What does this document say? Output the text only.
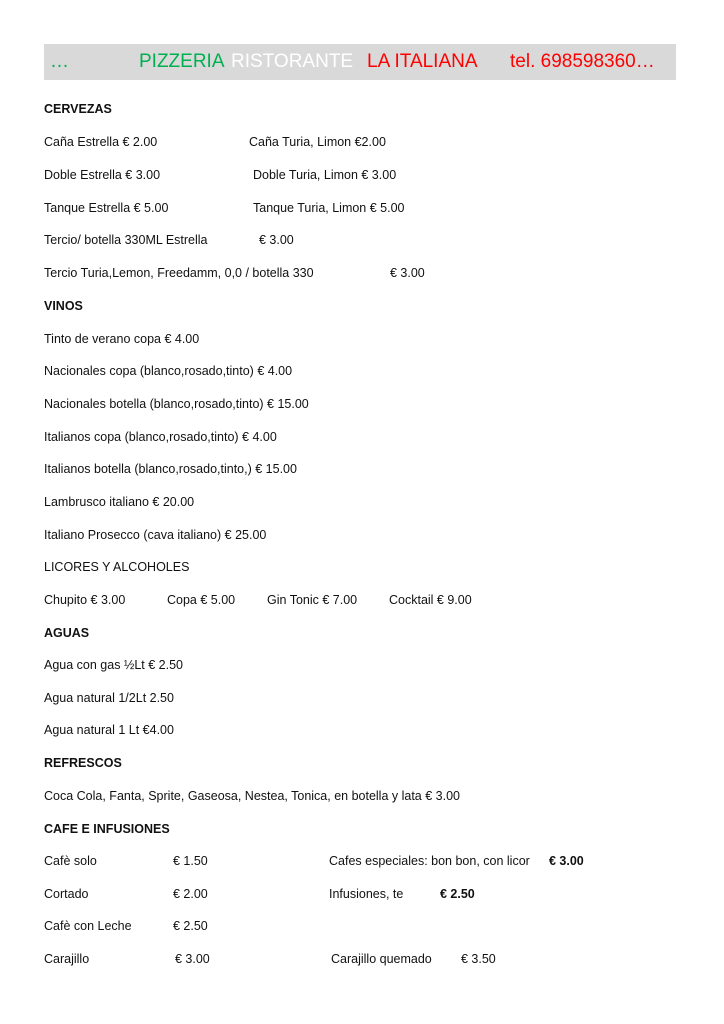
…	PIZZERIA RISTORANTE LA ITALIANA tel. 698598360…
CERVEZAS
Caña Estrella € 2.00	Caña Turia, Limon €2.00
Doble Estrella € 3.00	Doble Turia, Limon € 3.00
Tanque Estrella € 5.00	Tanque Turia, Limon € 5.00
Tercio/ botella 330ML Estrella	€ 3.00
Tercio Turia,Lemon, Freedamm, 0,0 / botella 330	€ 3.00
VINOS
Tinto de verano copa € 4.00
Nacionales copa (blanco,rosado,tinto) € 4.00
Nacionales botella (blanco,rosado,tinto) € 15.00
Italianos copa (blanco,rosado,tinto) € 4.00
Italianos botella (blanco,rosado,tinto,) € 15.00
Lambrusco italiano € 20.00
Italiano Prosecco (cava italiano) € 25.00
LICORES Y ALCOHOLES
Chupito € 3.00	Copa € 5.00	Gin Tonic € 7.00	Cocktail € 9.00
AGUAS
Agua con gas ½Lt € 2.50
Agua natural 1/2Lt 2.50
Agua natural 1 Lt €4.00
REFRESCOS
Coca Cola, Fanta, Sprite, Gaseosa, Nestea, Tonica, en botella y lata € 3.00
CAFE E INFUSIONES
Cafè solo	€ 1.50	Cafes especiales: bon bon, con licor € 3.00
Cortado	€ 2.00	Infusiones, te	€ 2.50
Cafè con Leche	€ 2.50
Carajillo	€ 3.00	Carajillo quemado € 3.50
